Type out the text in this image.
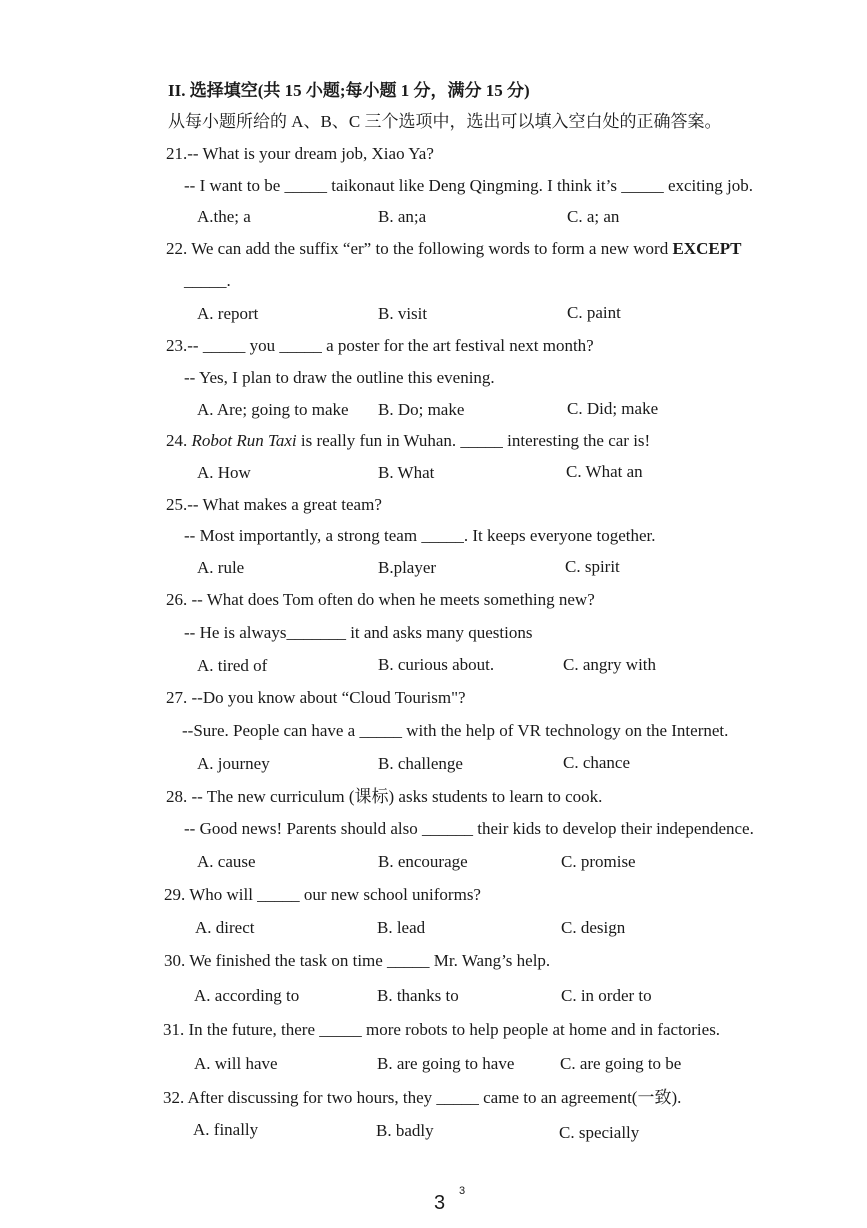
II. 选择填空(共 15 小题;每小题 1 分，满分 15 分)
从每小题所给的 A、B、C 三个选项中，选出可以填入空白处的正确答案。
21.-- What is your dream job, Xiao Ya?
-- I want to be _____ taikonaut like Deng Qingming. I think it’s _____ exciting job.
A.the; a	B. an;a	C. a; an
22. We can add the suffix “er” to the following words to form a new word EXCEPT
_____.
A. report	B. visit	C. paint
23.-- _____ you _____ a poster for the art festival next month?
-- Yes, I plan to draw the outline this evening.
A. Are; going to make B. Do; make	C. Did; make
24. Robot Run Taxi is really fun in Wuhan. _____ interesting the car is!
A. How	B. What	C. What an
25.-- What makes a great team?
-- Most importantly, a strong team _____. It keeps everyone together.
A. rule	B.player	C. spirit
26. -- What does Tom often do when he meets something new?
-- He is always_______ it and asks many questions
A. tired of	B. curious about.	C. angry with
27. --Do you know about “Cloud Tourism"?
--Sure. People can have a _____ with the help of VR technology on the Internet.
A. journey	B. challenge	C. chance
28. -- The new curriculum (课标) asks students to learn to cook.
-- Good news! Parents should also ______ their kids to develop their independence.
A. cause	B. encourage	C. promise
29. Who will _____ our new school uniforms?
A. direct	B. lead	C. design
30. We finished the task on time _____ Mr. Wang’s help.
A. according to	B. thanks to	C. in order to
31. In the future, there _____ more robots to help people at home and in factories.
A. will have	B. are going to have	C. are going to be
32. After discussing for two hours, they _____ came to an agreement(一致).
A. finally	B. badly	C. specially
3
3
